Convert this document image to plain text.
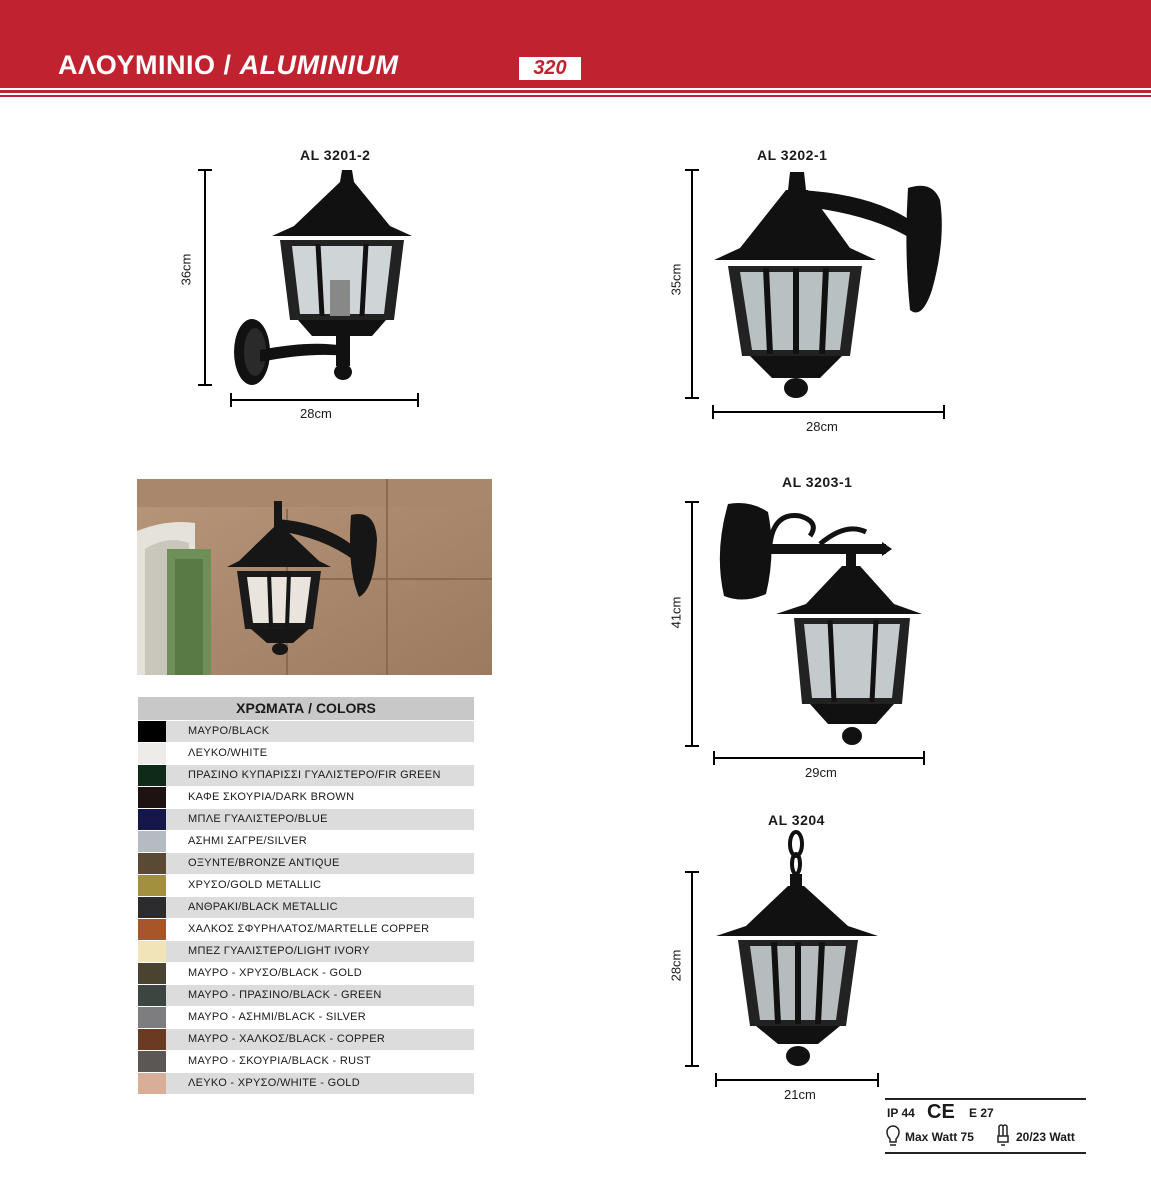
ΑΛΟΥΜΙΝΙΟ / ALUMINIUM	320
AL 3201-2
36cm
28cm
AL 3202-1
35cm
28cm
AL 3203-1
41cm
29cm
AL 3204
28cm
21cm
ΧΡΩΜΑΤΑ / COLORS
ΜΑΥΡΟ/BLACK
ΛΕΥΚΟ/WHITE
ΠΡΑΣΙΝΟ ΚΥΠΑΡΙΣΣΙ ΓΥΑΛΙΣΤΕΡΟ/FIR GREEN
ΚΑΦΕ ΣΚΟΥΡΙΑ/DARK BROWN
ΜΠΛΕ ΓΥΑΛΙΣΤΕΡΟ/BLUE
ΑΣΗΜΙ ΣΑΓΡΕ/SILVER
ΟΞΥΝΤΕ/BRONZE ANTIQUE
ΧΡΥΣΟ/GOLD METALLIC
ΑΝΘΡΑΚΙ/BLACK METALLIC
ΧΑΛΚΟΣ ΣΦΥΡΗΛΑΤΟΣ/MARTELLE COPPER
ΜΠΕΖ ΓΥΑΛΙΣΤΕΡΟ/LIGHT IVORY
ΜΑΥΡΟ - ΧΡΥΣΟ/BLACK - GOLD
ΜΑΥΡΟ - ΠΡΑΣΙΝΟ/BLACK - GREEN
ΜΑΥΡΟ - ΑΣΗΜΙ/BLACK - SILVER
ΜΑΥΡΟ - ΧΑΛΚΟΣ/BLACK - COPPER
ΜΑΥΡΟ - ΣΚΟΥΡΙΑ/BLACK - RUST
ΛΕΥΚΟ - ΧΡΥΣΟ/WHITE - GOLD
IP 44 CE E 27
Max Watt 75	20/23 Watt
